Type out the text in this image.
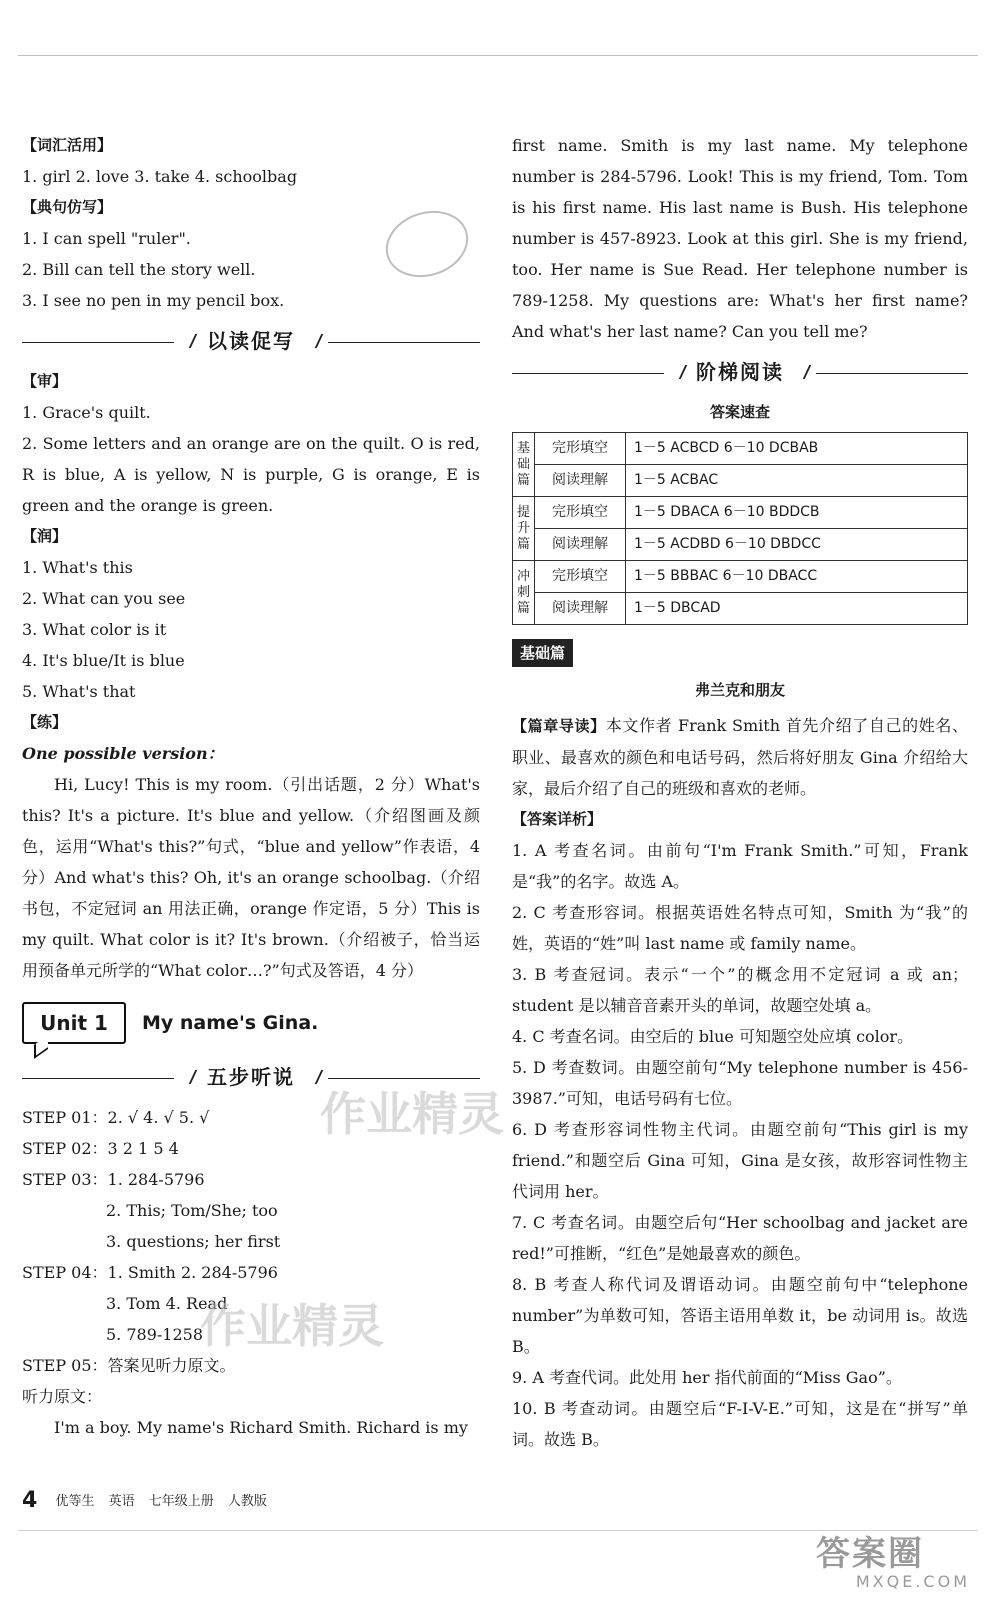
【词汇活用】
1. girl 2. love 3. take 4. schoolbag
【典句仿写】
1. I can spell "ruler".
2. Bill can tell the story well.
3. I see no pen in my pencil box.
以读促写
【审】
1. Grace's quilt.
2. Some letters and an orange are on the quilt. O is red, R is blue, A is yellow, N is purple, G is orange, E is green and the orange is green.
【润】
1. What's this
2. What can you see
3. What color is it
4. It's blue/It is blue
5. What's that
【练】
One possible version：
Hi, Lucy! This is my room.（引出话题，2 分）What's this? It's a picture. It's blue and yellow.（介绍图画及颜色，运用“What's this?”句式，“blue and yellow”作表语，4 分）And what's this? Oh, it's an orange schoolbag.（介绍书包，不定冠词 an 用法正确，orange 作定语，5 分）This is my quilt. What color is it? It's brown.（介绍被子，恰当运用预备单元所学的“What color…?”句式及答语，4 分）
Unit 1	My name's Gina.
五步听说
STEP 01：2. √ 4. √ 5. √
STEP 02：3 2 1 5 4
STEP 03：1. 284-5796
2. This; Tom/She; too
3. questions; her first
STEP 04：1. Smith 2. 284-5796
3. Tom 4. Read
5. 789-1258
STEP 05：答案见听力原文。
听力原文：
I'm a boy. My name's Richard Smith. Richard is my
first name. Smith is my last name. My telephone number is 284-5796. Look! This is my friend, Tom. Tom is his first name. His last name is Bush. His telephone number is 457-8923. Look at this girl. She is my friend, too. Her name is Sue Read. Her telephone number is 789-1258. My questions are: What's her first name? And what's her last name? Can you tell me?
阶梯阅读
答案速查
基础篇	完形填空	1－5 ACBCD 6－10 DCBAB
	阅读理解	1－5 ACBAC
提升篇	完形填空	1－5 DBACA 6－10 BDDCB
	阅读理解	1－5 ACDBD 6－10 DBDCC
冲刺篇	完形填空	1－5 BBBAC 6－10 DBACC
	阅读理解	1－5 DBCAD
基础篇
弗兰克和朋友
【篇章导读】本文作者 Frank Smith 首先介绍了自己的姓名、职业、最喜欢的颜色和电话号码，然后将好朋友 Gina 介绍给大家，最后介绍了自己的班级和喜欢的老师。
【答案详析】
1. A 考查名词。由前句“I'm Frank Smith.”可知，Frank 是“我”的名字。故选 A。
2. C 考查形容词。根据英语姓名特点可知，Smith 为“我”的姓，英语的“姓”叫 last name 或 family name。
3. B 考查冠词。表示“一个”的概念用不定冠词 a 或 an；student 是以辅音音素开头的单词，故题空处填 a。
4. C 考查名词。由空后的 blue 可知题空处应填 color。
5. D 考查数词。由题空前句“My telephone number is 456-3987.”可知，电话号码有七位。
6. D 考查形容词性物主代词。由题空前句“This girl is my friend.”和题空后 Gina 可知，Gina 是女孩，故形容词性物主代词用 her。
7. C 考查名词。由题空后句“Her schoolbag and jacket are red!”可推断，“红色”是她最喜欢的颜色。
8. B 考查人称代词及谓语动词。由题空前句中“telephone number”为单数可知，答语主语用单数 it，be 动词用 is。故选 B。
9. A 考查代词。此处用 her 指代前面的“Miss Gao”。
10. B 考查动词。由题空后“F-I-V-E.”可知，这是在“拼写”单词。故选 B。
作业精灵
作业精灵
4 优等生 英语 七年级上册 人教版
答案圈
MXQE.COM
